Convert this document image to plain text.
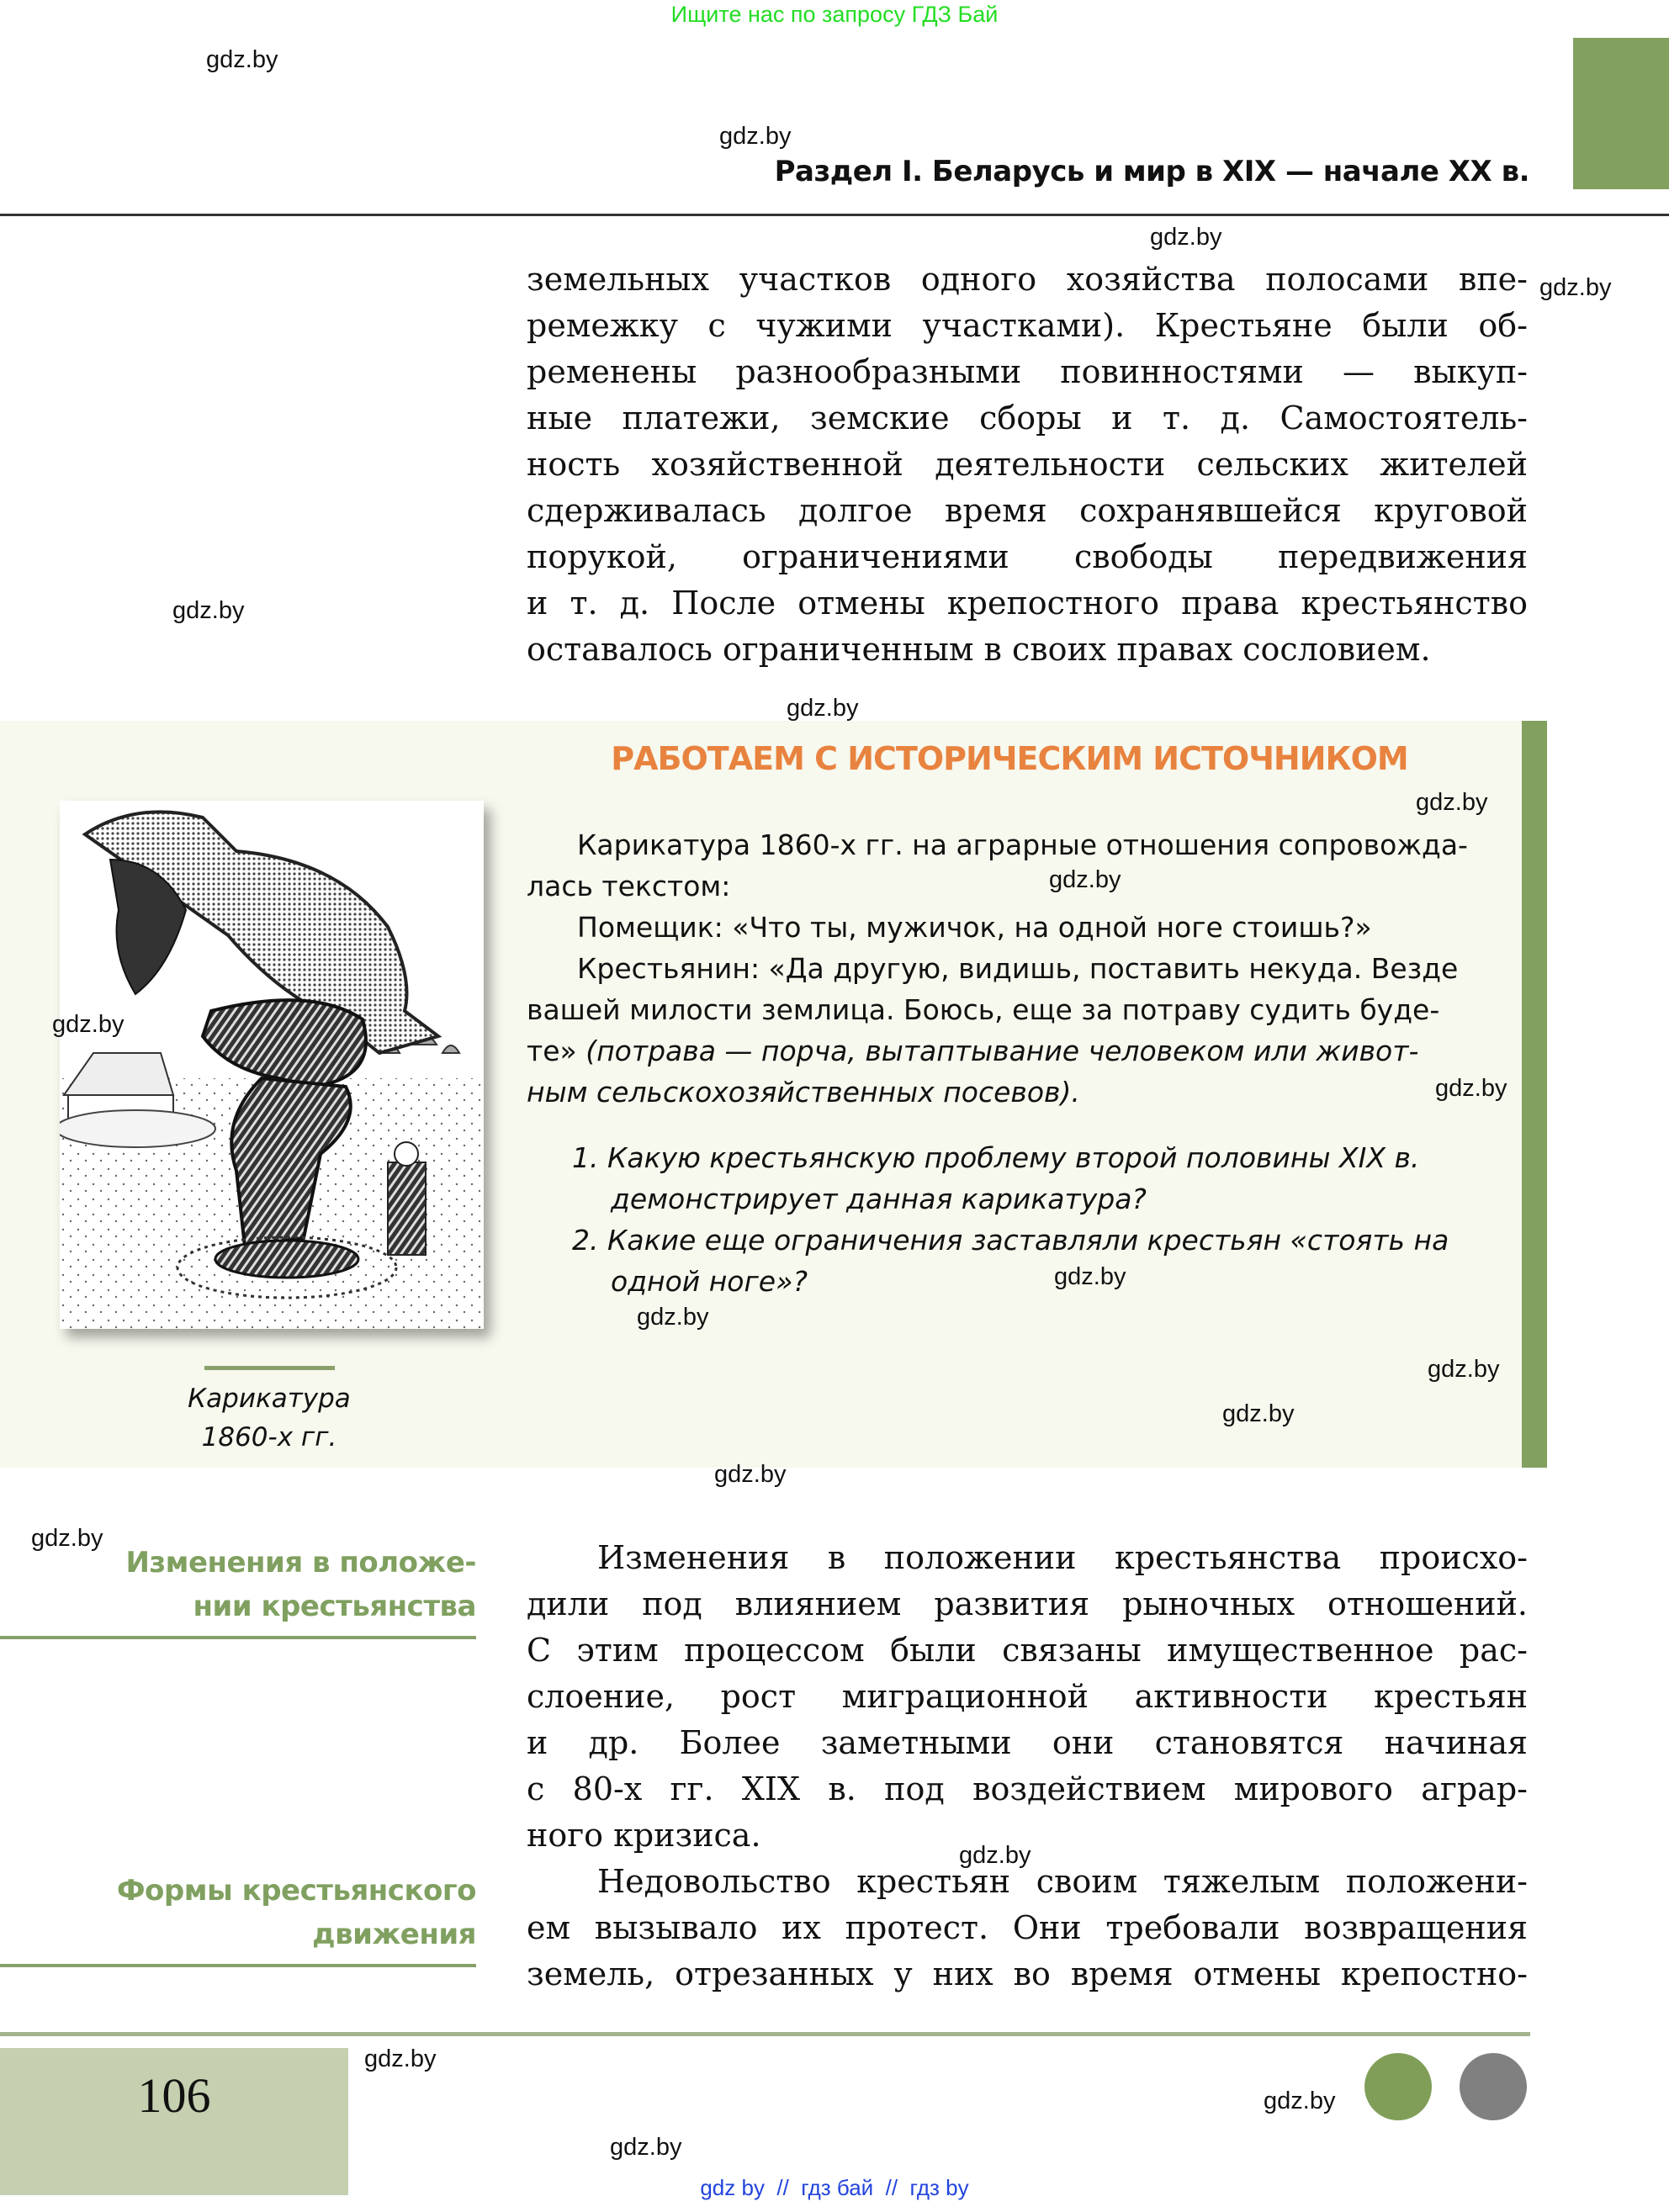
Ищите нас по запросу ГДЗ Бай
Раздел I. Беларусь и мир в XIX — начале XX в.
земельных участков одного хозяйства полосами впе-
ремежку с чужими участками). Крестьяне были об-
ременены разнообразными повинностями — выкуп-
ные платежи, земские сборы и т. д. Самостоятель-
ность хозяйственной деятельности сельских жителей
сдерживалась долгое время сохранявшейся круговой
порукой, ограничениями свободы передвижения
и т. д. После отмены крепостного права крестьянство
оставалось ограниченным в своих правах сословием.
РАБОТАЕМ С ИСТОРИЧЕСКИМ ИСТОЧНИКОМ
Карикатура
1860-х гг.
Карикатура 1860-х гг. на аграрные отношения сопровожда-
лась текстом:
Помещик: «Что ты, мужичок, на одной ноге стоишь?»
Крестьянин: «Да другую, видишь, поставить некуда. Везде
вашей милости землица. Боюсь, еще за потраву судить буде-
те» (потрава — порча, вытаптывание человеком или живот-
ным сельскохозяйственных посевов).
1. Какую крестьянскую проблему второй половины XIX в.
демонстрирует данная карикатура?
2. Какие еще ограничения заставляли крестьян «стоять на
одной ноге»?
Изменения в положе-
нии крестьянства
Формы крестьянского
движения
Изменения в положении крестьянства происхо-
дили под влиянием развития рыночных отношений.
С этим процессом были связаны имущественное рас-
слоение, рост миграционной активности крестьян
и др. Более заметными они становятся начиная
с 80-х гг. XIX в. под воздействием мирового аграр-
ного кризиса.
Недовольство крестьян своим тяжелым положени-
ем вызывало их протест. Они требовали возвращения
земель, отрезанных у них во время отмены крепостно-
106
gdz by  //  гдз бай  //  гдз by
gdz.by
gdz.by
gdz.by
gdz.by
gdz.by
gdz.by
gdz.by
gdz.by
gdz.by
gdz.by
gdz.by
gdz.by
gdz.by
gdz.by
gdz.by
gdz.by
gdz.by
gdz.by
gdz.by
gdz.by
